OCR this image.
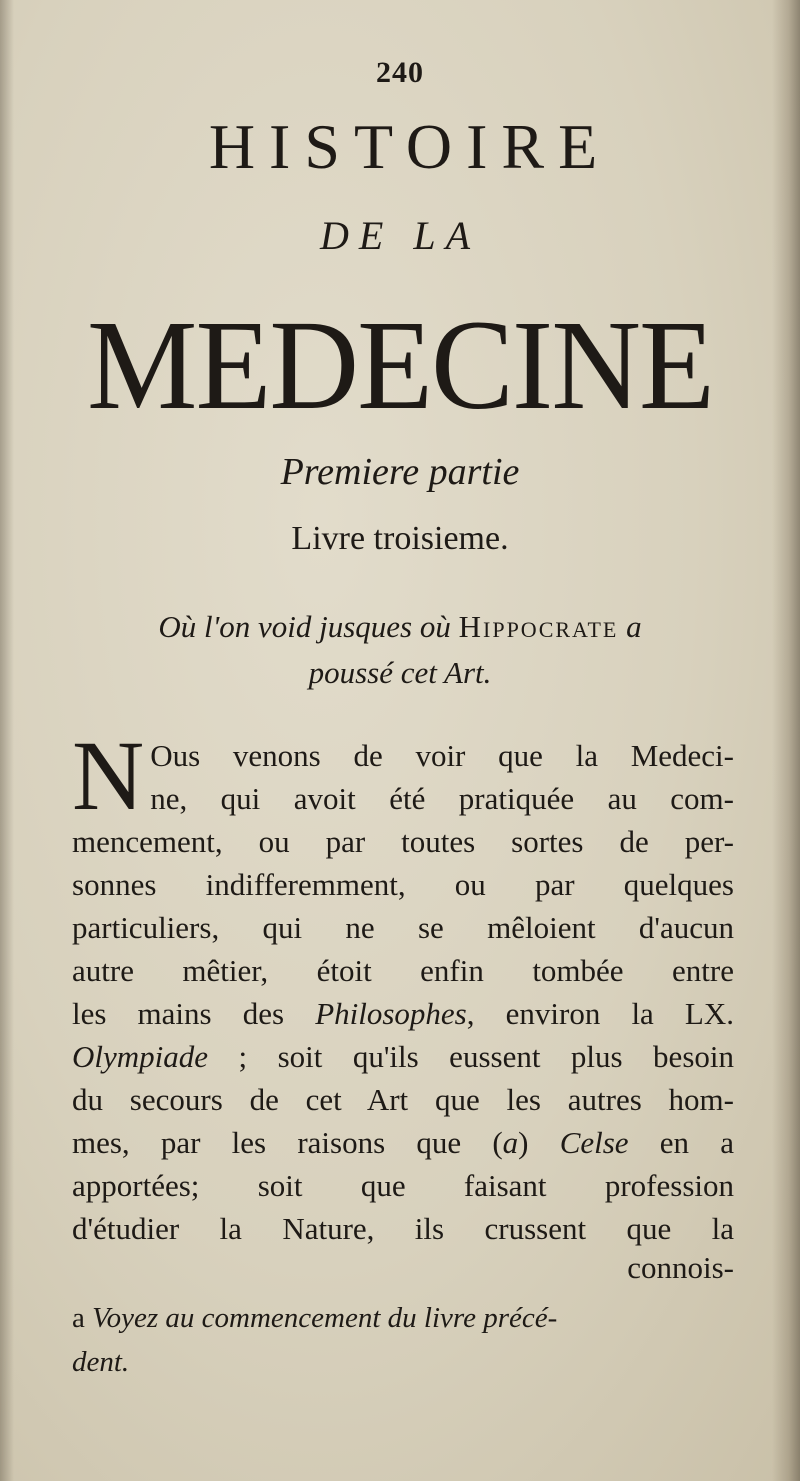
240
HISTOIRE
DE LA
MEDECINE
Premiere partie
Livre troisieme.
Où l'on void jusques où Hippocrate a
poussé cet Art.
N Ous venons de voir que la Medeci-
ne, qui avoit été pratiquée au com-
mencement, ou par toutes sortes de per-
sonnes indifferemment, ou par quelques
particuliers, qui ne se mêloient d'aucun
autre mêtier, étoit enfin tombée entre
les mains des Philosophes, environ la LX.
Olympiade ; soit qu'ils eussent plus besoin
du secours de cet Art que les autres hom-
mes, par les raisons que (a) Celse en a
apportées; soit que faisant profession
d'étudier la Nature, ils crussent que la
connois-
a Voyez au commencement du livre précé-
dent.
